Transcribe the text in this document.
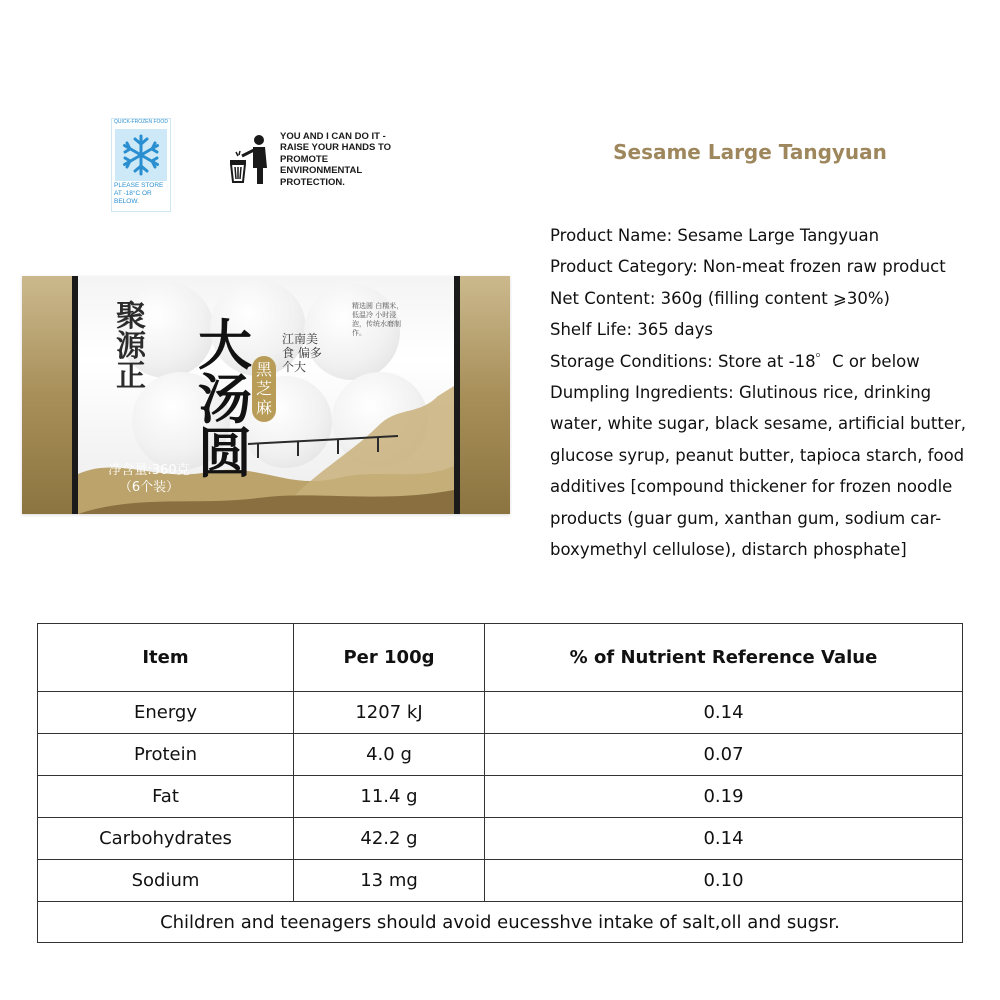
QUICK-FROZEN FOOD
PLEASE STORE
AT -18°C OR
BELOW.
YOU AND I CAN DO IT -
RAISE YOUR HANDS TO
PROMOTE
ENVIRONMENTAL
PROTECTION.
聚源正 大汤圆
黑芝麻
江南美食 偏多个大
精选圆 白糯米，低温冷 小时浸泡，传统水磨制作。
净含量:360克
（6个装）
Sesame Large Tangyuan
Product Name: Sesame Large Tangyuan
Product Category: Non-meat frozen raw product
Net Content: 360g (filling content ⩾30%)
Shelf Life: 365 days
Storage Conditions: Store at -18゜C or below
Dumpling Ingredients: Glutinous rice, drinking water, white sugar, black sesame, artificial butter, glucose syrup, peanut butter, tapioca starch, food additives [compound thickener for frozen noodle products (guar gum, xanthan gum, sodium car-boxymethyl cellulose), distarch phosphate]
Item	Per 100g	% of Nutrient Reference Value
Energy	1207 kJ	0.14
Protein	4.0 g	0.07
Fat	11.4 g	0.19
Carbohydrates	42.2 g	0.14
Sodium	13 mg	0.10
Children and teenagers should avoid eucesshve intake of salt,oll and sugsr.		
